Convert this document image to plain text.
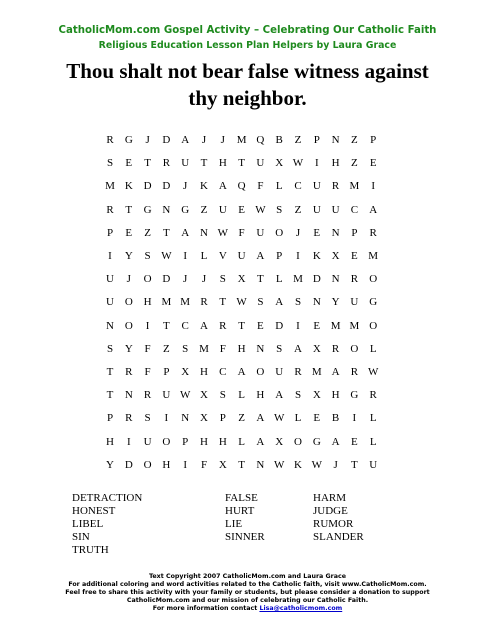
CatholicMom.com Gospel Activity – Celebrating Our Catholic Faith
Religious Education Lesson Plan Helpers by Laura Grace
Thou shalt not bear false witness against
thy neighbor.
R G	J	D A	J	J	M Q B Z P N Z P
S E T R U T H T U X W	I	H Z E
M K D D	J	K A Q F L C U R M	I
R T G N G Z U E W S Z U U C A
P E Z T A N W F U O	J	E N P R
I	Y S W	I	L V U A P	I	K X E M
U	J	O D	J	J	S X T L M D N R O
U O H M M R T W S A S N Y U G
N O	I	T C A R T E D	I	E M M O
S Y F Z S M F H N S A X R O L
T R F P X H C A O U R M A R W
T N R U W X S L H A S X H G R
P R S	I	N X P Z A W L E B	I	L
H	I	U O P H H L A X O G A E L
Y D O H	I	F X T N W K W	J	T U
DETRACTION
HONEST
LIBEL
SIN
TRUTH
FALSE
HURT
LIE
SINNER
HARM
JUDGE
RUMOR
SLANDER
Text Copyright 2007 CatholicMom.com and Laura Grace
For additional coloring and word activities related to the Catholic faith, visit www.CatholicMom.com.
Feel free to share this activity with your family or students, but please consider a donation to support
CatholicMom.com and our mission of celebrating our Catholic Faith.
For more information contact Lisa@catholicmom.com
